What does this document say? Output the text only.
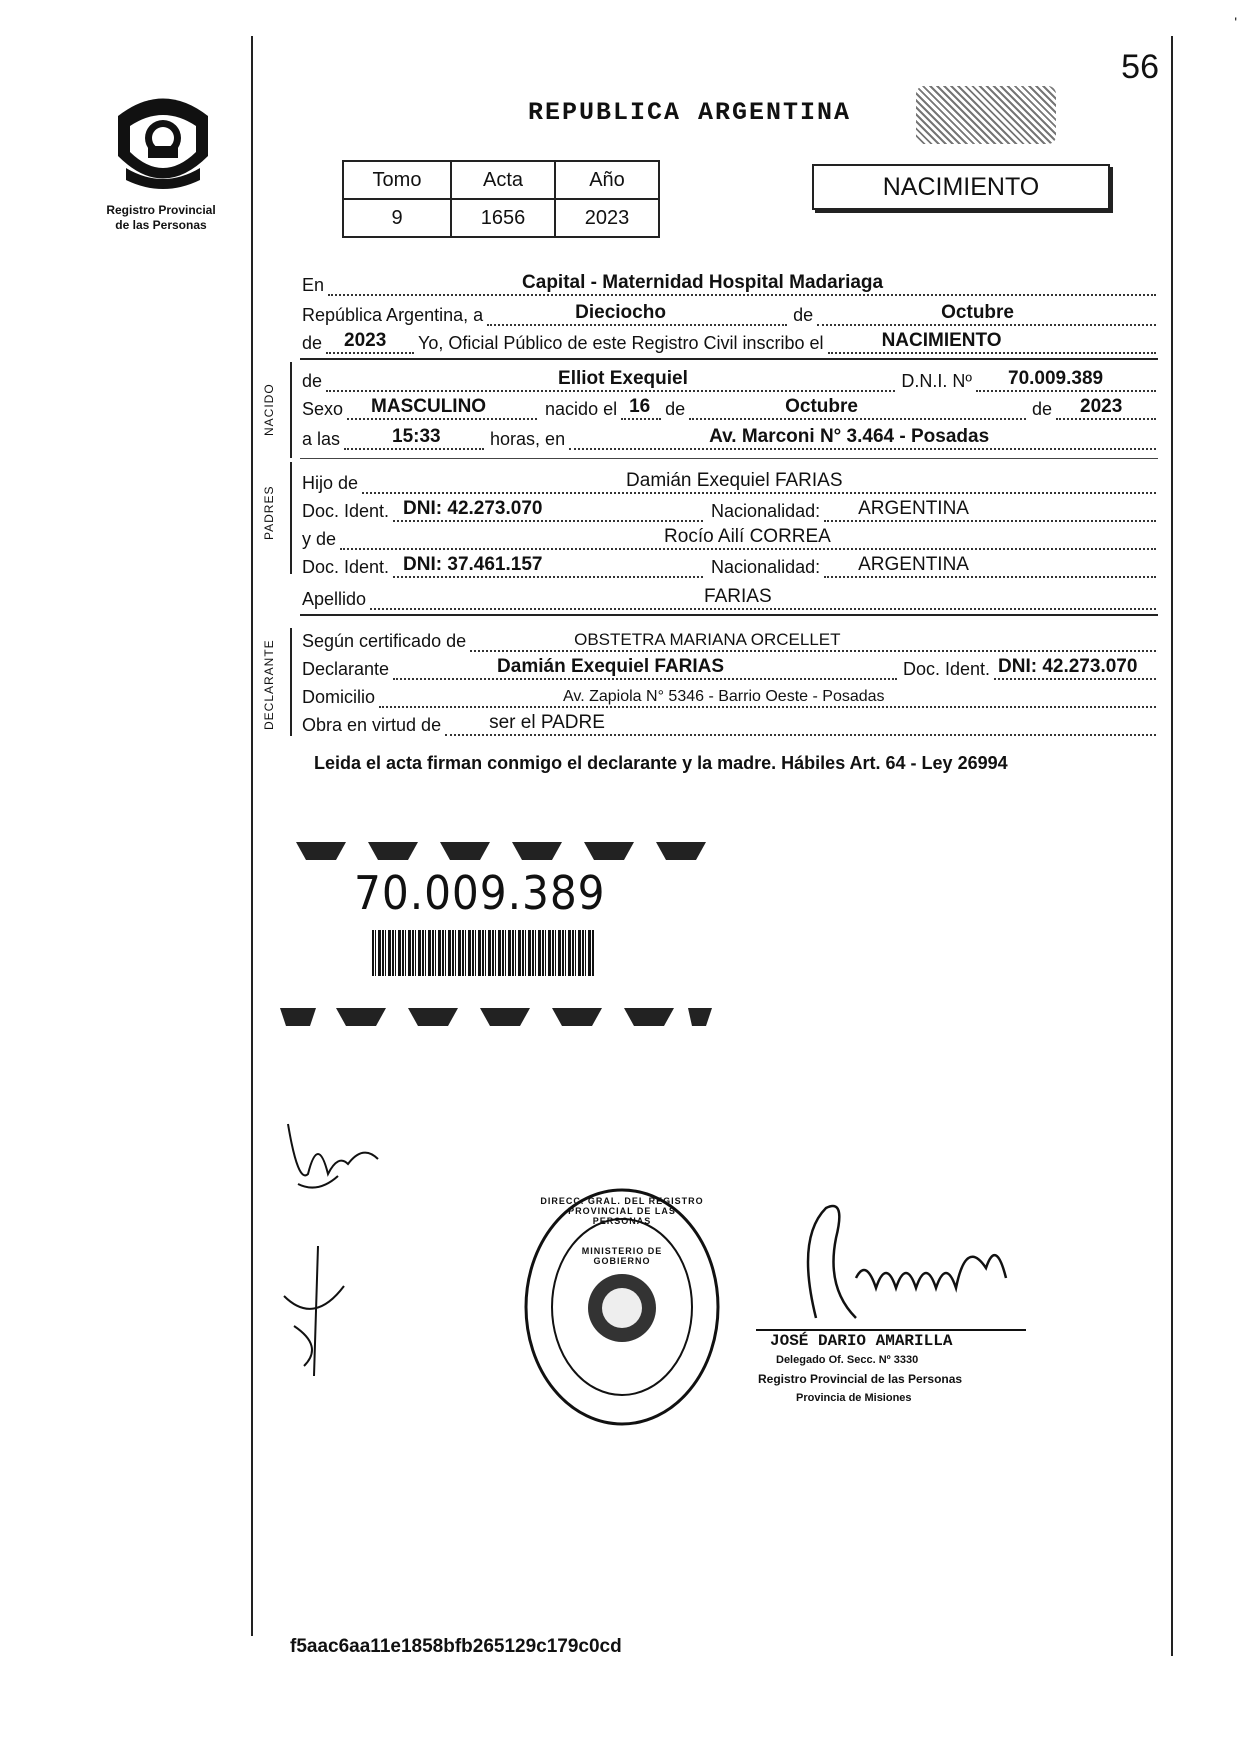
'
56
Registro Provincial
de las Personas
REPUBLICA ARGENTINA
Tomo	Acta	Año
9	1656	2023
NACIMIENTO
En	Capital - Maternidad Hospital Madariaga
República Argentina, a	Dieciocho	de	Octubre
de 2023 Yo, Oficial Público de este Registro Civil inscribo el	NACIMIENTO
NACIDO
de	Elliot Exequiel	D.N.I. Nº 70.009.389
Sexo MASCULINO	nacido el 16 de	Octubre	de 2023
a las	15:33	horas, en	Av. Marconi N° 3.464 - Posadas
PADRES
Hijo de	Damián Exequiel FARIAS
Doc. Ident. DNI: 42.273.070	Nacionalidad: ARGENTINA
y de	Rocío Ailí CORREA
Doc. Ident. DNI: 37.461.157	Nacionalidad: ARGENTINA
Apellido	FARIAS
DECLARANTE Según certificado de	OBSTETRA MARIANA ORCELLET
Declarante	Damián Exequiel FARIAS	Doc. Ident. DNI: 42.273.070
Domicilio	Av. Zapiola N° 5346 - Barrio Oeste - Posadas
Obra en virtud de	ser el PADRE
Leida el acta firman conmigo el declarante y la madre. Hábiles Art. 64 - Ley 26994
70.009.389
DIRECC. GRAL. DEL REGISTRO PROVINCIAL DE LAS PERSONAS
MINISTERIO DE GOBIERNO
JOSÉ DARIO AMARILLA
Delegado Of. Secc. Nº 3330
Registro Provincial de las Personas
Provincia de Misiones
f5aac6aa11e1858bfb265129c179c0cd
